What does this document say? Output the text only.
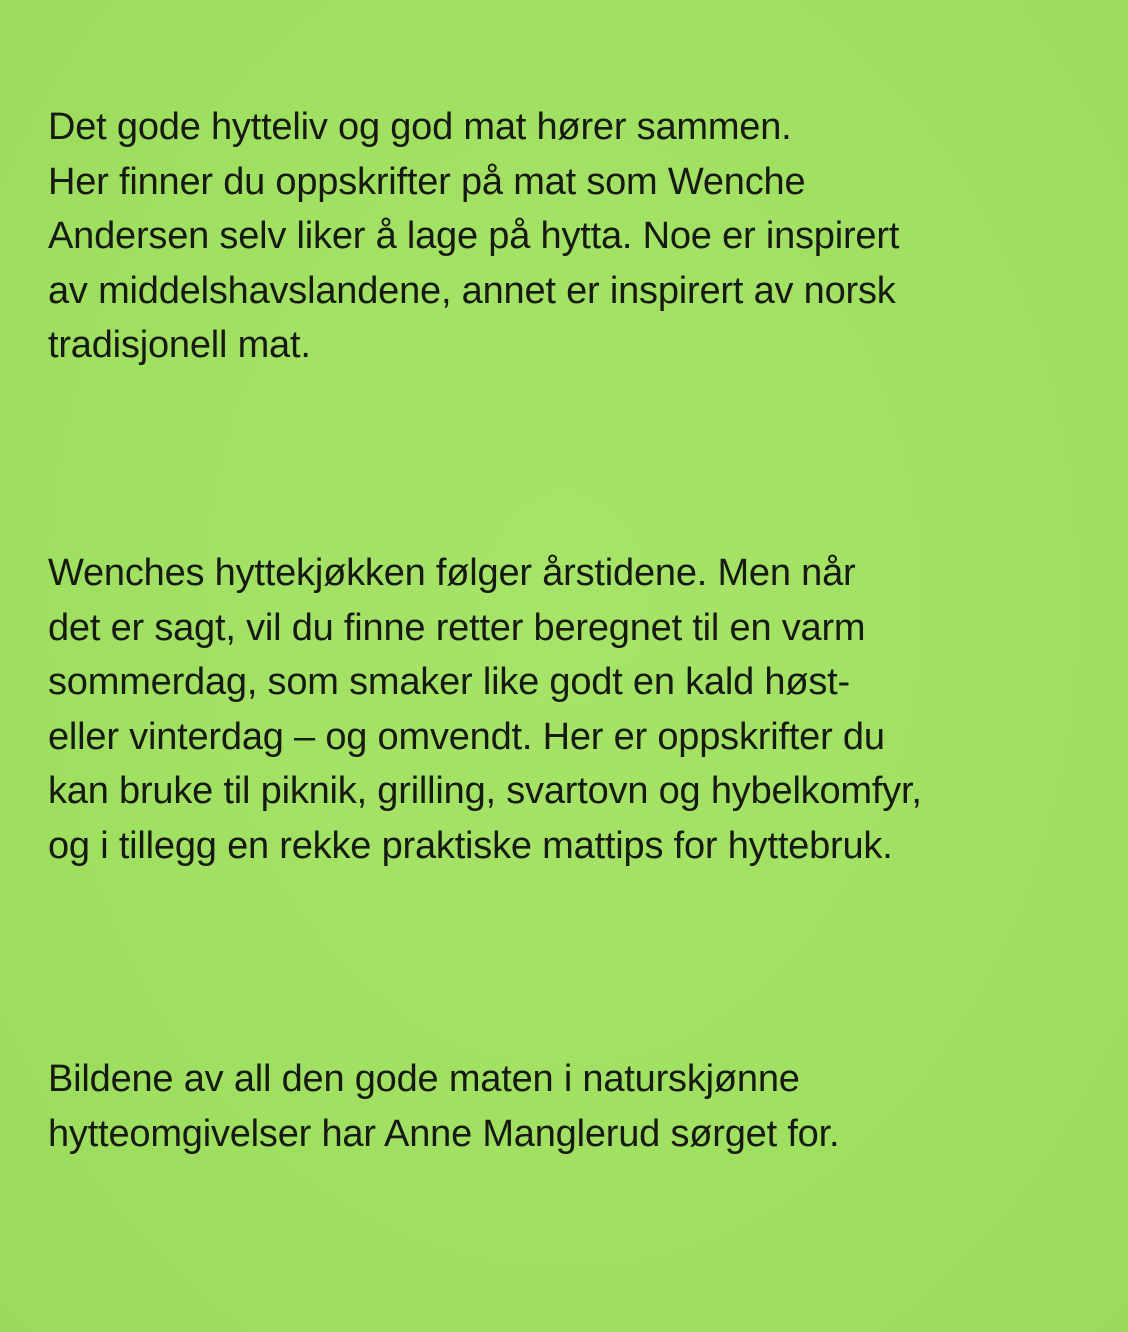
Det gode hytteliv og god mat hører sammen.
Her finner du oppskrifter på mat som Wenche
Andersen selv liker å lage på hytta. Noe er inspirert
av middelshavslandene, annet er inspirert av norsk
tradisjonell mat.
Wenches hyttekjøkken følger årstidene. Men når
det er sagt, vil du finne retter beregnet til en varm
sommerdag, som smaker like godt en kald høst-
eller vinterdag – og omvendt. Her er oppskrifter du
kan bruke til piknik, grilling, svartovn og hybelkomfyr,
og i tillegg en rekke praktiske mattips for hyttebruk.
Bildene av all den gode maten i naturskjønne
hytteomgivelser har Anne Manglerud sørget for.
